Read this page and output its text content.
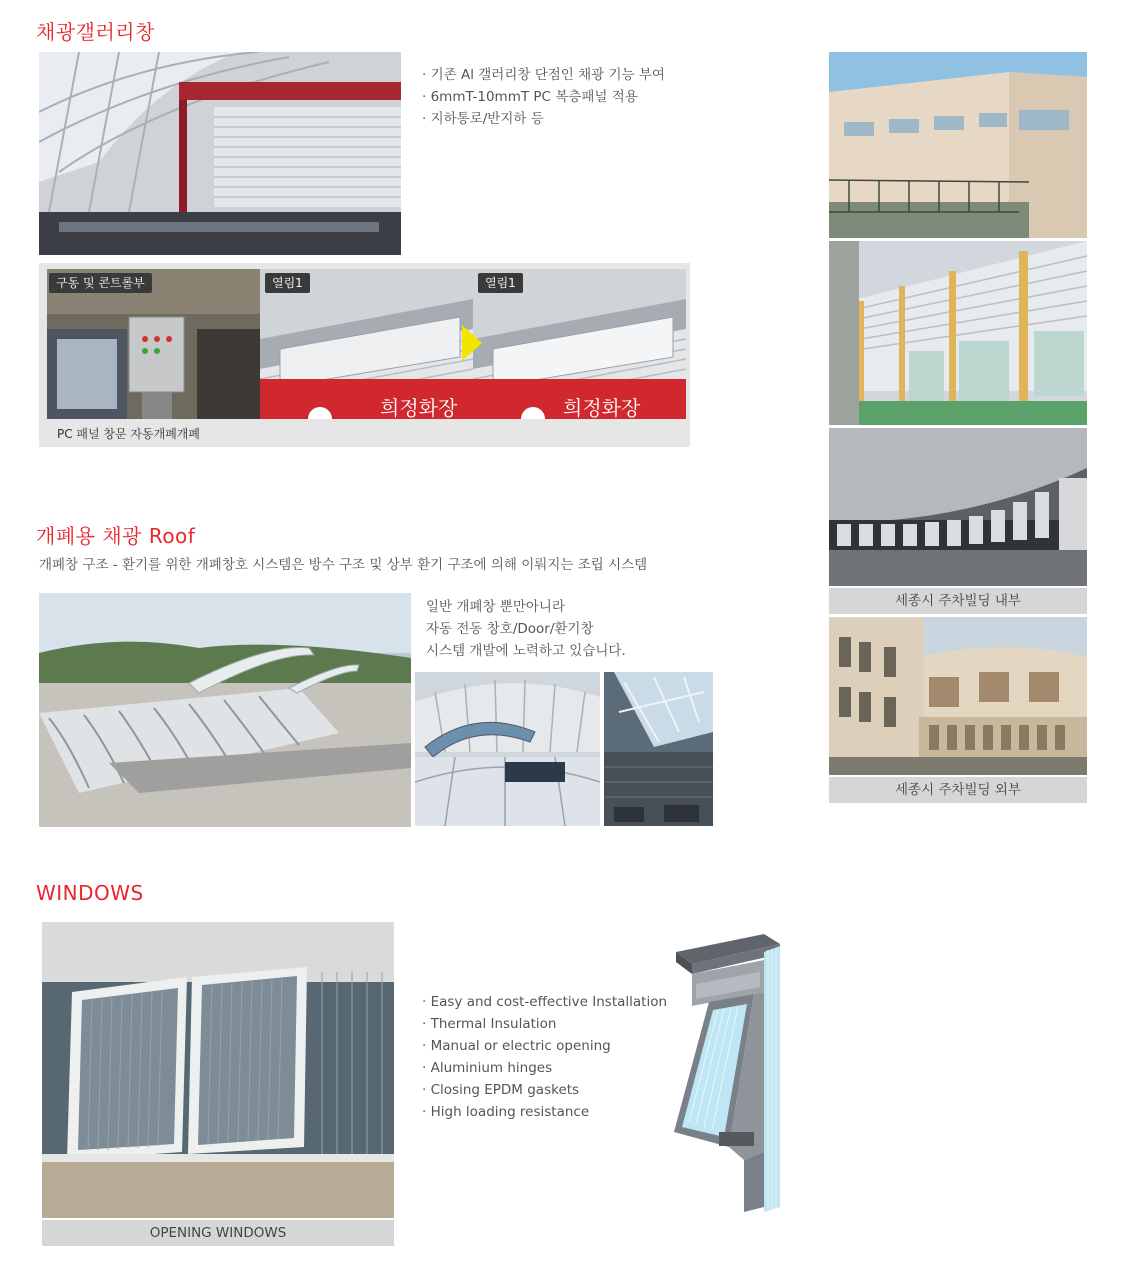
채광갤러리창
· 기존 Al 갤러리창 단점인 채광 기능 부여
· 6mmT-10mmT PC 복층패널 적용
· 지하통로/반지하 등
희정화장	희정화장
구동 및 콘트롤부	열림1	열림1
PC 패널 창문 자동개폐개폐
개폐용 채광 Roof
개폐창 구조 - 환기를 위한 개폐창호 시스템은 방수 구조 및 상부 환기 구조에 의해 이뤄지는 조립 시스템
일반 개폐창 뿐만아니라
자동 전동 창호/Door/환기창
시스템 개발에 노력하고 있습니다.
세종시 주차빌딩 내부
세종시 주차빌딩 외부
WINDOWS
OPENING WINDOWS
· Easy and cost-effective Installation
· Thermal Insulation
· Manual or electric opening
· Aluminium hinges
· Closing EPDM gaskets
· High loading resistance
